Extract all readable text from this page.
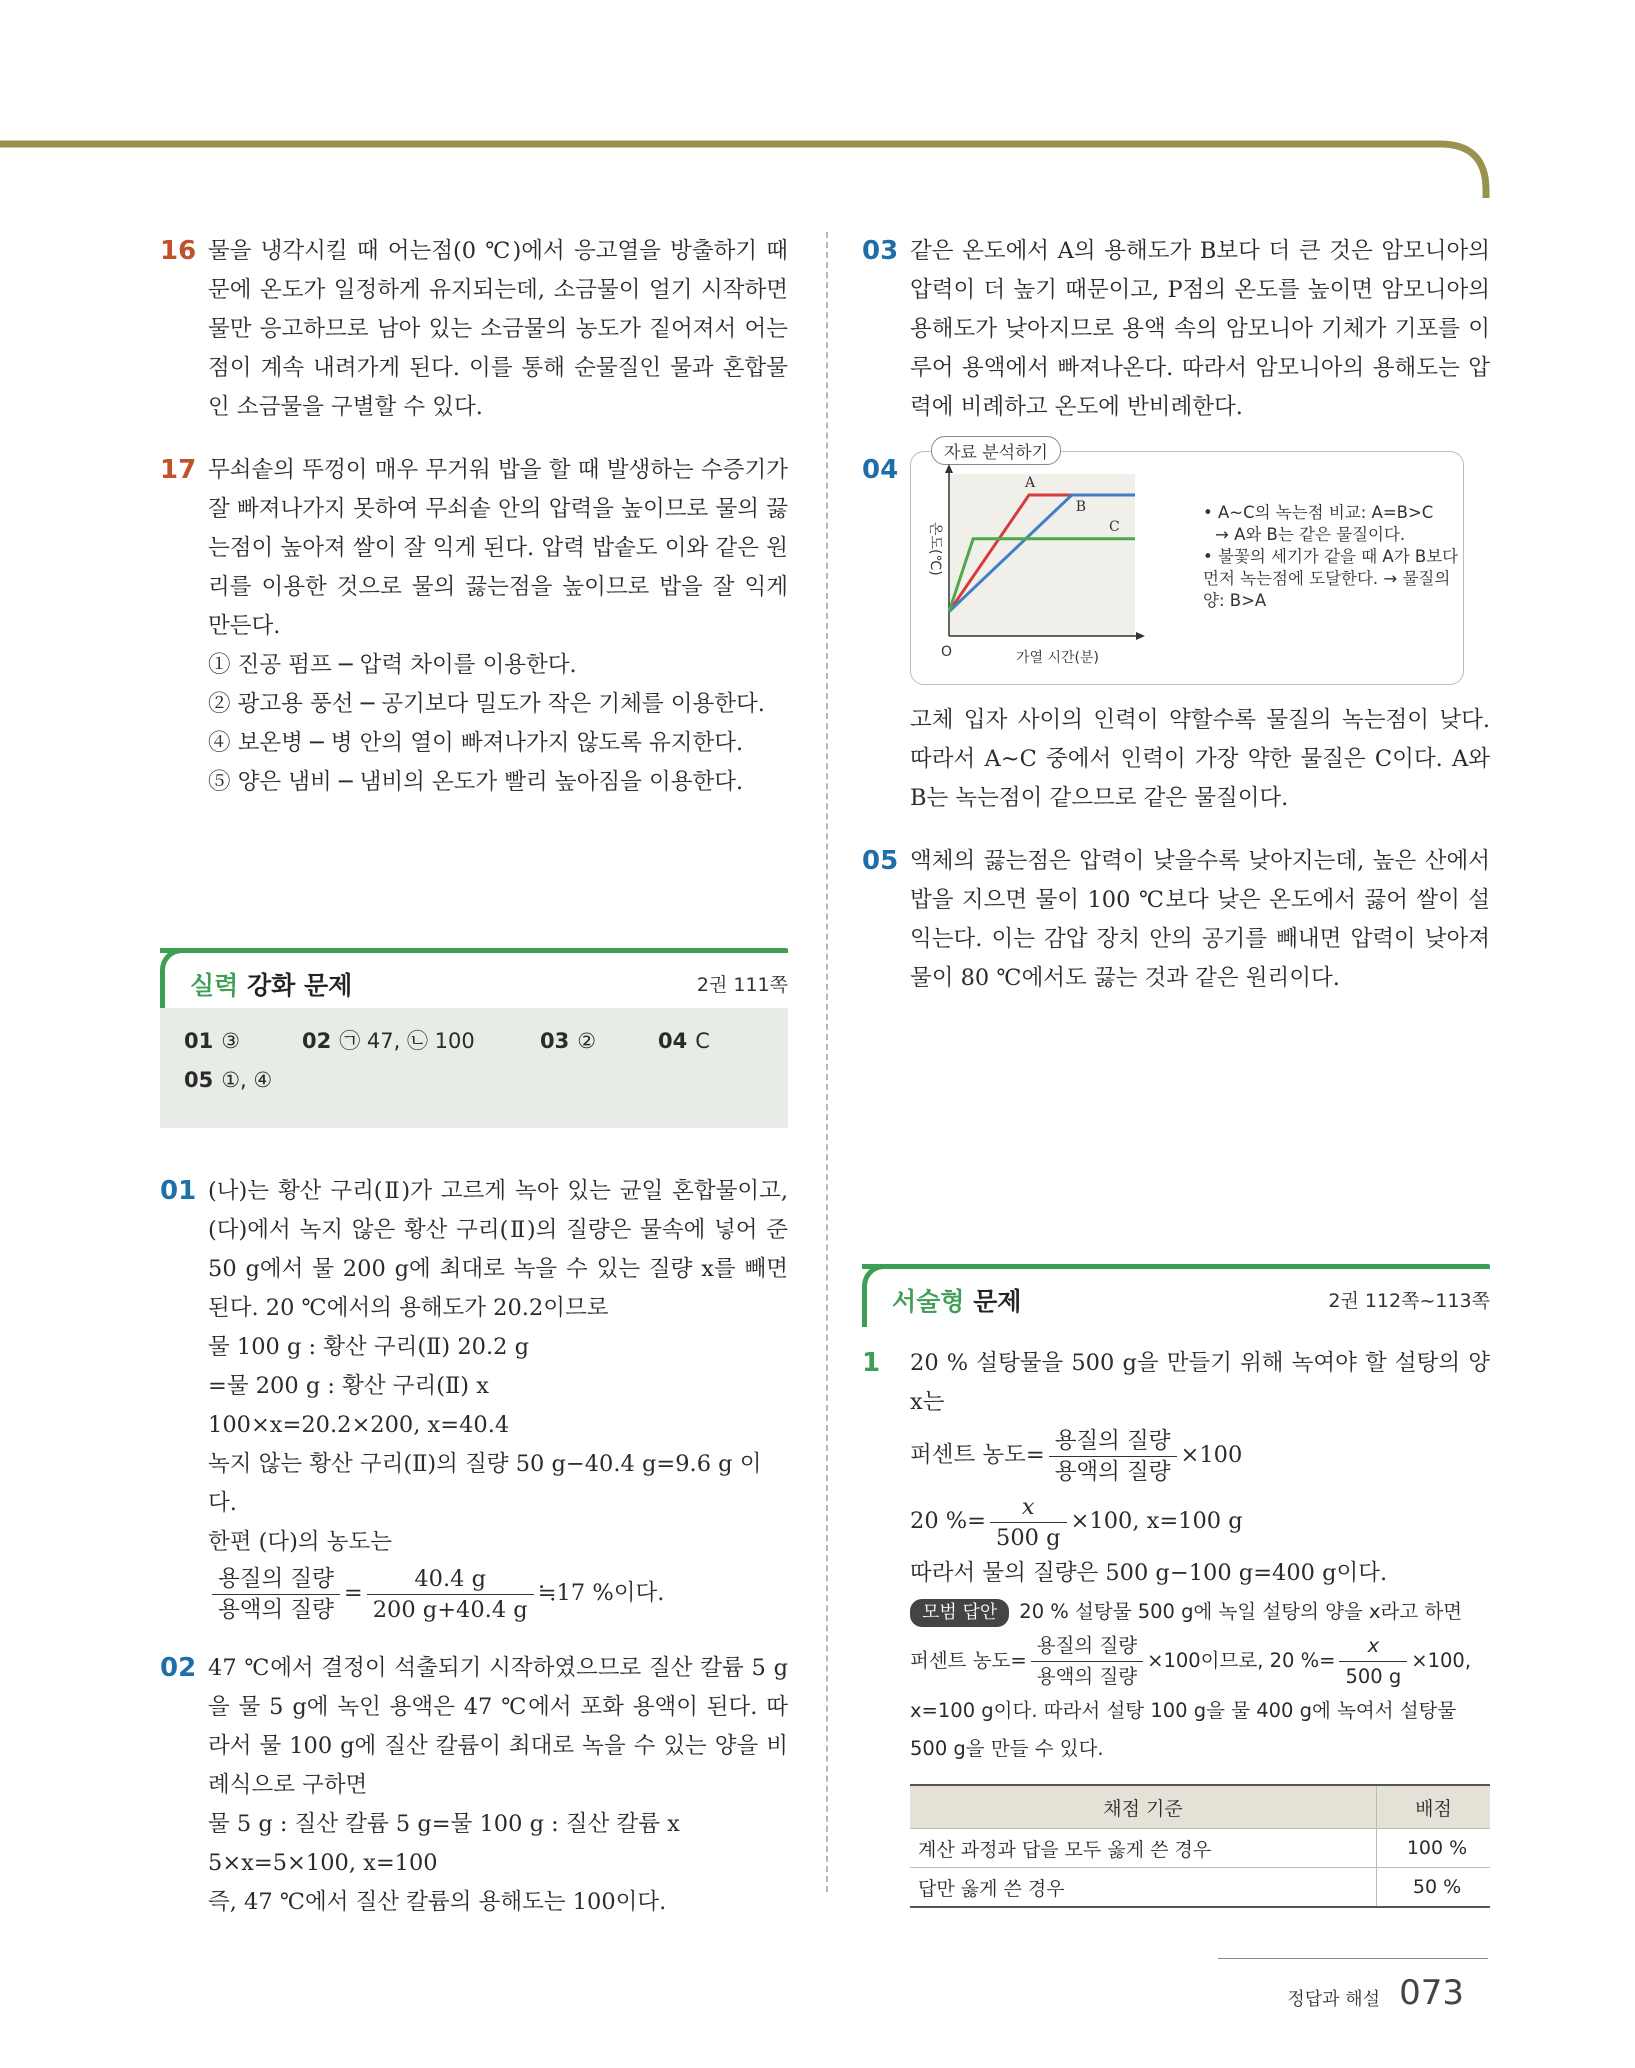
16 물을 냉각시킬 때 어는점(0 ℃)에서 응고열을 방출하기 때문에 온도가 일정하게 유지되는데, 소금물이 얼기 시작하면 물만 응고하므로 남아 있는 소금물의 농도가 짙어져서 어는점이 계속 내려가게 된다. 이를 통해 순물질인 물과 혼합물인 소금물을 구별할 수 있다.

17 무쇠솥의 뚜껑이 매우 무거워 밥을 할 때 발생하는 수증기가 잘 빠져나가지 못하여 무쇠솥 안의 압력을 높이므로 물의 끓는점이 높아져 쌀이 잘 익게 된다. 압력 밥솥도 이와 같은 원리를 이용한 것으로 물의 끓는점을 높이므로 밥을 잘 익게 만든다.

① 진공 펌프 ─ 압력 차이를 이용한다.

② 광고용 풍선 ─ 공기보다 밀도가 작은 기체를 이용한다.

④ 보온병 ─ 병 안의 열이 빠져나가지 않도록 유지한다.

⑤ 양은 냄비 ─ 냄비의 온도가 빨리 높아짐을 이용한다.

실력 강화 문제	2권 111쪽
01 ③	02 ㉠ 47, ㉡ 100	03 ②	04 C
05 ①, ④
01 (나)는 황산 구리(Ⅱ)가 고르게 녹아 있는 균일 혼합물이고, (다)에서 녹지 않은 황산 구리(Ⅱ)의 질량은 물속에 넣어 준 50 g에서 물 200 g에 최대로 녹을 수 있는 질량 x를 빼면 된다. 20 ℃에서의 용해도가 20.2이므로

물 100 g : 황산 구리(Ⅱ) 20.2 g

=물 200 g : 황산 구리(Ⅱ) x

100×x=20.2×200, x=40.4

녹지 않는 황산 구리(Ⅱ)의 질량 50 g−40.4 g=9.6 g 이다.

한편 (다)의 농도는

$\frac{\text{용질의 질량}}{\text{용액의 질량}} = \frac{40.4 g}{200 g+40.4 g}$ ≒17 %이다.

02 47 ℃에서 결정이 석출되기 시작하였으므로 질산 칼륨 5 g을 물 5 g에 녹인 용액은 47 ℃에서 포화 용액이 된다. 따라서 물 100 g에 질산 칼륨이 최대로 녹을 수 있는 양을 비례식으로 구하면

물 5 g : 질산 칼륨 5 g=물 100 g : 질산 칼륨 x

5×x=5×100, x=100

즉, 47 ℃에서 질산 칼륨의 용해도는 100이다.

03 같은 온도에서 A의 용해도가 B보다 더 큰 것은 암모니아의 압력이 더 높기 때문이고, P점의 온도를 높이면 암모니아의 용해도가 낮아지므로 용액 속의 암모니아 기체가 기포를 이루어 용액에서 빠져나온다. 따라서 암모니아의 용해도는 압력에 비례하고 온도에 반비례한다.

04
자료 분석하기
온도(℃)
가열 시간(분)
O
A
B
C
• A~C의 녹는점 비교: A=B>C
→ A와 B는 같은 물질이다.
• 불꽃의 세기가 같을 때 A가 B보다 먼저 녹는점에 도달한다. → 물질의 양: B>A

고체 입자 사이의 인력이 약할수록 물질의 녹는점이 낮다. 따라서 A~C 중에서 인력이 가장 약한 물질은 C이다. A와 B는 녹는점이 같으므로 같은 물질이다.

05 액체의 끓는점은 압력이 낮을수록 낮아지는데, 높은 산에서 밥을 지으면 물이 100 ℃보다 낮은 온도에서 끓어 쌀이 설익는다. 이는 감압 장치 안의 공기를 빼내면 압력이 낮아져 물이 80 ℃에서도 끓는 것과 같은 원리이다.

서술형 문제	2권 112쪽~113쪽
1 20 % 설탕물을 500 g을 만들기 위해 녹여야 할 설탕의 양 x는

퍼센트 농도= $\frac{\text{용질의 질량}}{\text{용액의 질량}} \times 100$

20 %= $\frac{x}{500 g} \times 100$, x=100 g

따라서 물의 질량은 500 g−100 g=400 g이다.

모범 답안 20 % 설탕물 500 g에 녹일 설탕의 양을 x라고 하면
퍼센트 농도= $\frac{\text{용질의 질량}}{\text{용액의 질량}} \times 100$이므로, 20 %= $\frac{x}{500 g} \times 100$,
x=100 g이다. 따라서 설탕 100 g을 물 400 g에 녹여서 설탕물 500 g을 만들 수 있다.
채점 기준	배점
계산 과정과 답을 모두 옳게 쓴 경우	100 %
답만 옳게 쓴 경우	50 %
정답과 해설 073
